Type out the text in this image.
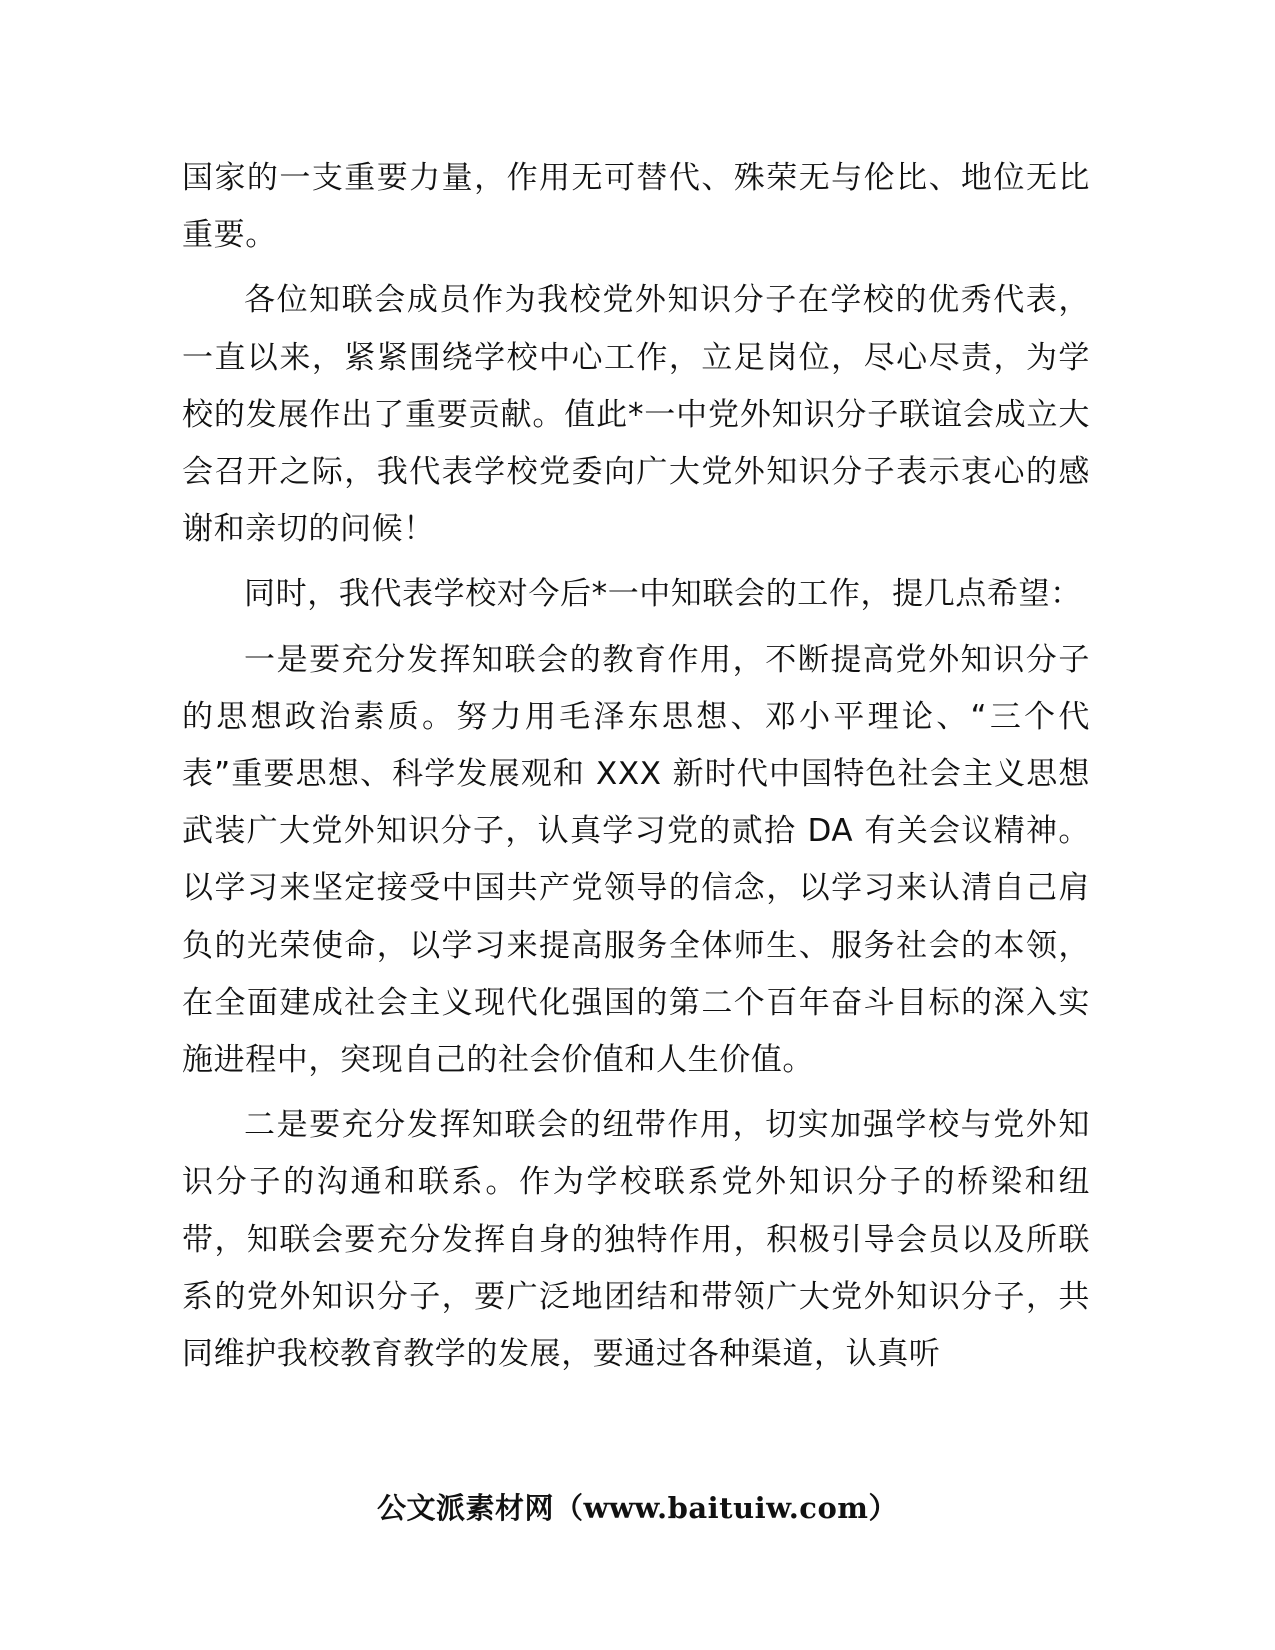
国家的一支重要力量，作用无可替代、殊荣无与伦比、地位无比重要。

各位知联会成员作为我校党外知识分子在学校的优秀代表，一直以来，紧紧围绕学校中心工作，立足岗位，尽心尽责，为学校的发展作出了重要贡献。值此*一中党外知识分子联谊会成立大会召开之际，我代表学校党委向广大党外知识分子表示衷心的感谢和亲切的问候！

同时，我代表学校对今后*一中知联会的工作，提几点希望：

一是要充分发挥知联会的教育作用，不断提高党外知识分子的思想政治素质。努力用毛泽东思想、邓小平理论、“三个代表”重要思想、科学发展观和 XXX 新时代中国特色社会主义思想武装广大党外知识分子，认真学习党的贰拾 DA 有关会议精神。以学习来坚定接受中国共产党领导的信念，以学习来认清自己肩负的光荣使命，以学习来提高服务全体师生、服务社会的本领，在全面建成社会主义现代化强国的第二个百年奋斗目标的深入实施进程中，突现自己的社会价值和人生价值。

二是要充分发挥知联会的纽带作用，切实加强学校与党外知识分子的沟通和联系。作为学校联系党外知识分子的桥梁和纽带，知联会要充分发挥自身的独特作用，积极引导会员以及所联系的党外知识分子，要广泛地团结和带领广大党外知识分子，共同维护我校教育教学的发展，要通过各种渠道，认真听

公文派素材网（www.baituiw.com）
